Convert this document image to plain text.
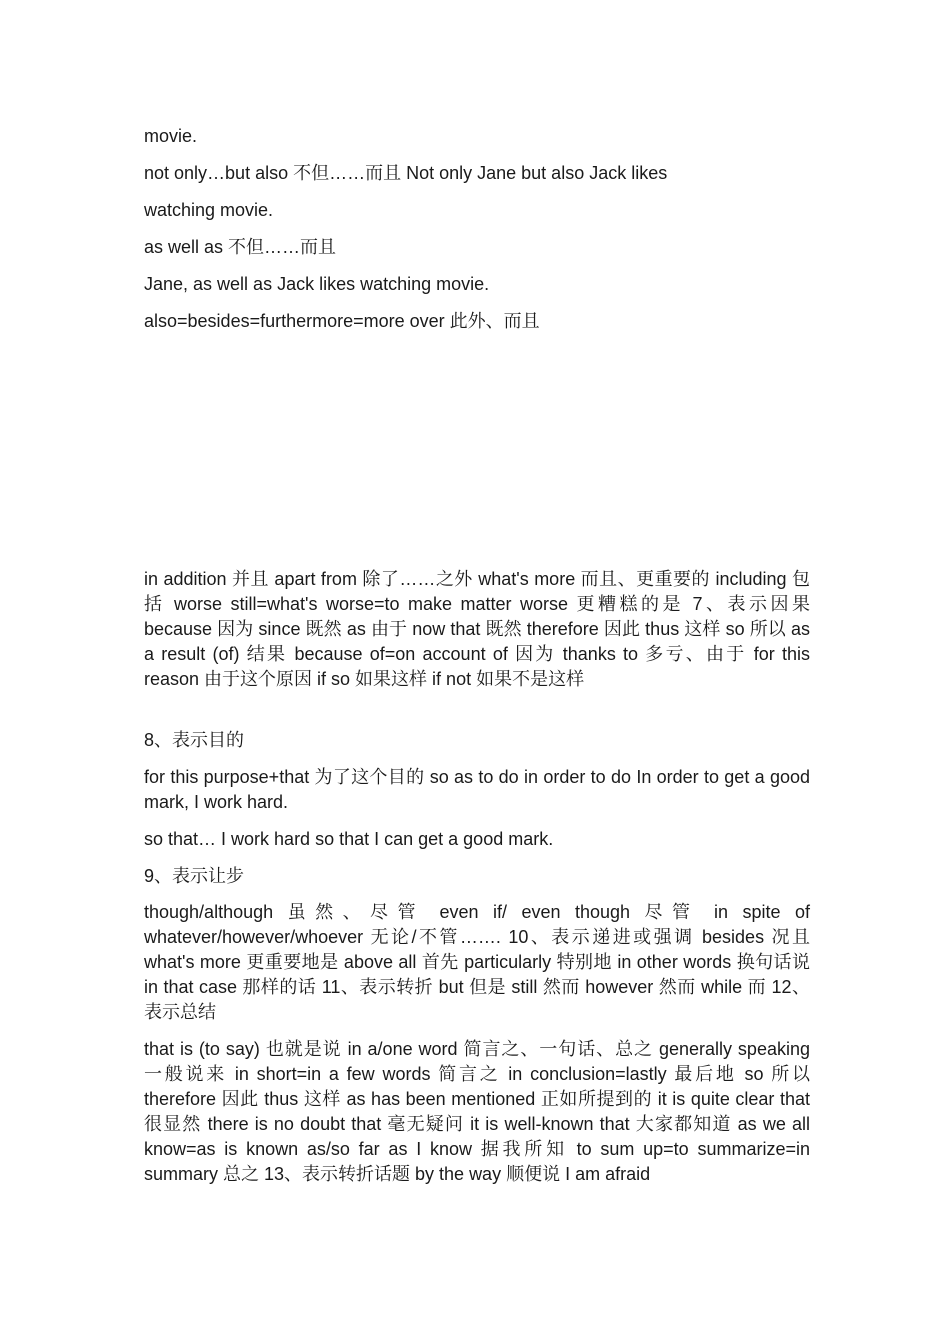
movie.
not only…but also 不但……而且 Not only Jane but also Jack likes
watching movie.
as well as 不但……而且
Jane, as well as Jack likes watching movie.
also=besides=furthermore=more over 此外、而且
in addition 并且 apart from 除了……之外 what's more 而且、更重要的 including 包括 worse still=what's worse=to make matter worse 更糟糕的是 7、表示因果 because 因为 since 既然 as 由于 now that 既然 therefore 因此 thus 这样 so 所以 as a result (of) 结果 because of=on account of 因为 thanks to 多亏、由于 for this reason 由于这个原因 if so 如果这样 if not 如果不是这样
8、表示目的
for this purpose+that 为了这个目的 so as to do in order to do In order to get a good mark, I work hard.
so that… I work hard so that I can get a good mark.
9、表示让步
though/although 虽然、尽管 even if/ even though 尽管 in spite of whatever/however/whoever 无论/不管……. 10、表示递进或强调 besides 况且 what's more 更重要地是 above all 首先 particularly 特别地 in other words 换句话说 in that case 那样的话 11、表示转折 but 但是 still 然而 however 然而 while 而 12、表示总结
that is (to say) 也就是说 in a/one word 简言之、一句话、总之 generally speaking 一般说来 in short=in a few words 简言之 in conclusion=lastly 最后地 so 所以 therefore 因此 thus 这样 as has been mentioned 正如所提到的 it is quite clear that 很显然 there is no doubt that 毫无疑问 it is well-known that 大家都知道 as we all know=as is known as/so far as I know 据我所知 to sum up=to summarize=in summary 总之 13、表示转折话题 by the way 顺便说 I am afraid
